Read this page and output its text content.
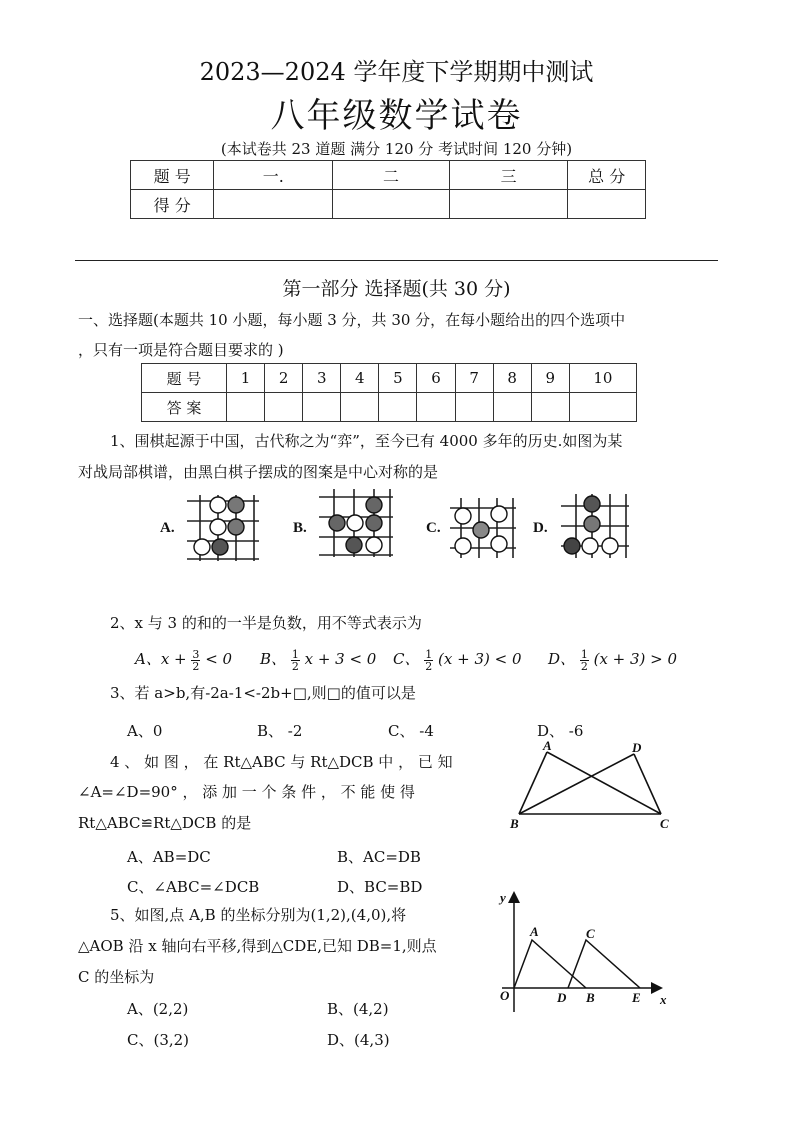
2023—2024 学年度下学期期中测试
八年级数学试卷
(本试卷共 23 道题 满分 120 分 考试时间 120 分钟)
题 号	一.	二	三	总 分
得 分				
第一部分 选择题(共 30 分)
一、选择题(本题共 10 小题，每小题 3 分，共 30 分，在每小题给出的四个选项中
，只有一项是符合题目要求的 )
题 号	1	2	3	4	5	6	7	8	9	10
答 案										
1、围棋起源于中国，古代称之为“弈”，至今已有 4000 多年的历史.如图为某
对战局部棋谱，由黑白棋子摆成的图案是中心对称的是
A.	B.	C.	D.
2、x 与 3 的和的一半是负数，用不等式表示为
A、$x + \frac{3}{2} < 0$ B、 $\frac{1}{2}$ x + 3 < 0 C、 $\frac{1}{2} (x + 3) < 0$ D、 $\frac{1}{2} (x + 3) > 0$
3、若 a>b,有-2a-1<-2b+□,则□的值可以是
A、0	B、 -2	C、 -4	D、 -6
4 、 如 图 ， 在 Rt△ABC 与 Rt△DCB 中 ， 已 知
∠A=∠D=90° ， 添 加 一 个 条 件 ， 不 能 使 得
Rt△ABC≌Rt△DCB 的是
A、AB=DC	B、AC=DB
C、∠ABC=∠DCB	D、BC=BD
A	D
B	C
5、如图,点 A,B 的坐标分别为(1,2),(4,0),将
△AOB 沿 x 轴向右平移,得到△CDE,已知 DB=1,则点
C 的坐标为
A、(2,2)	B、(4,2)
C、(3,2)	D、(4,3)
y
A	C
O	D B	E x
